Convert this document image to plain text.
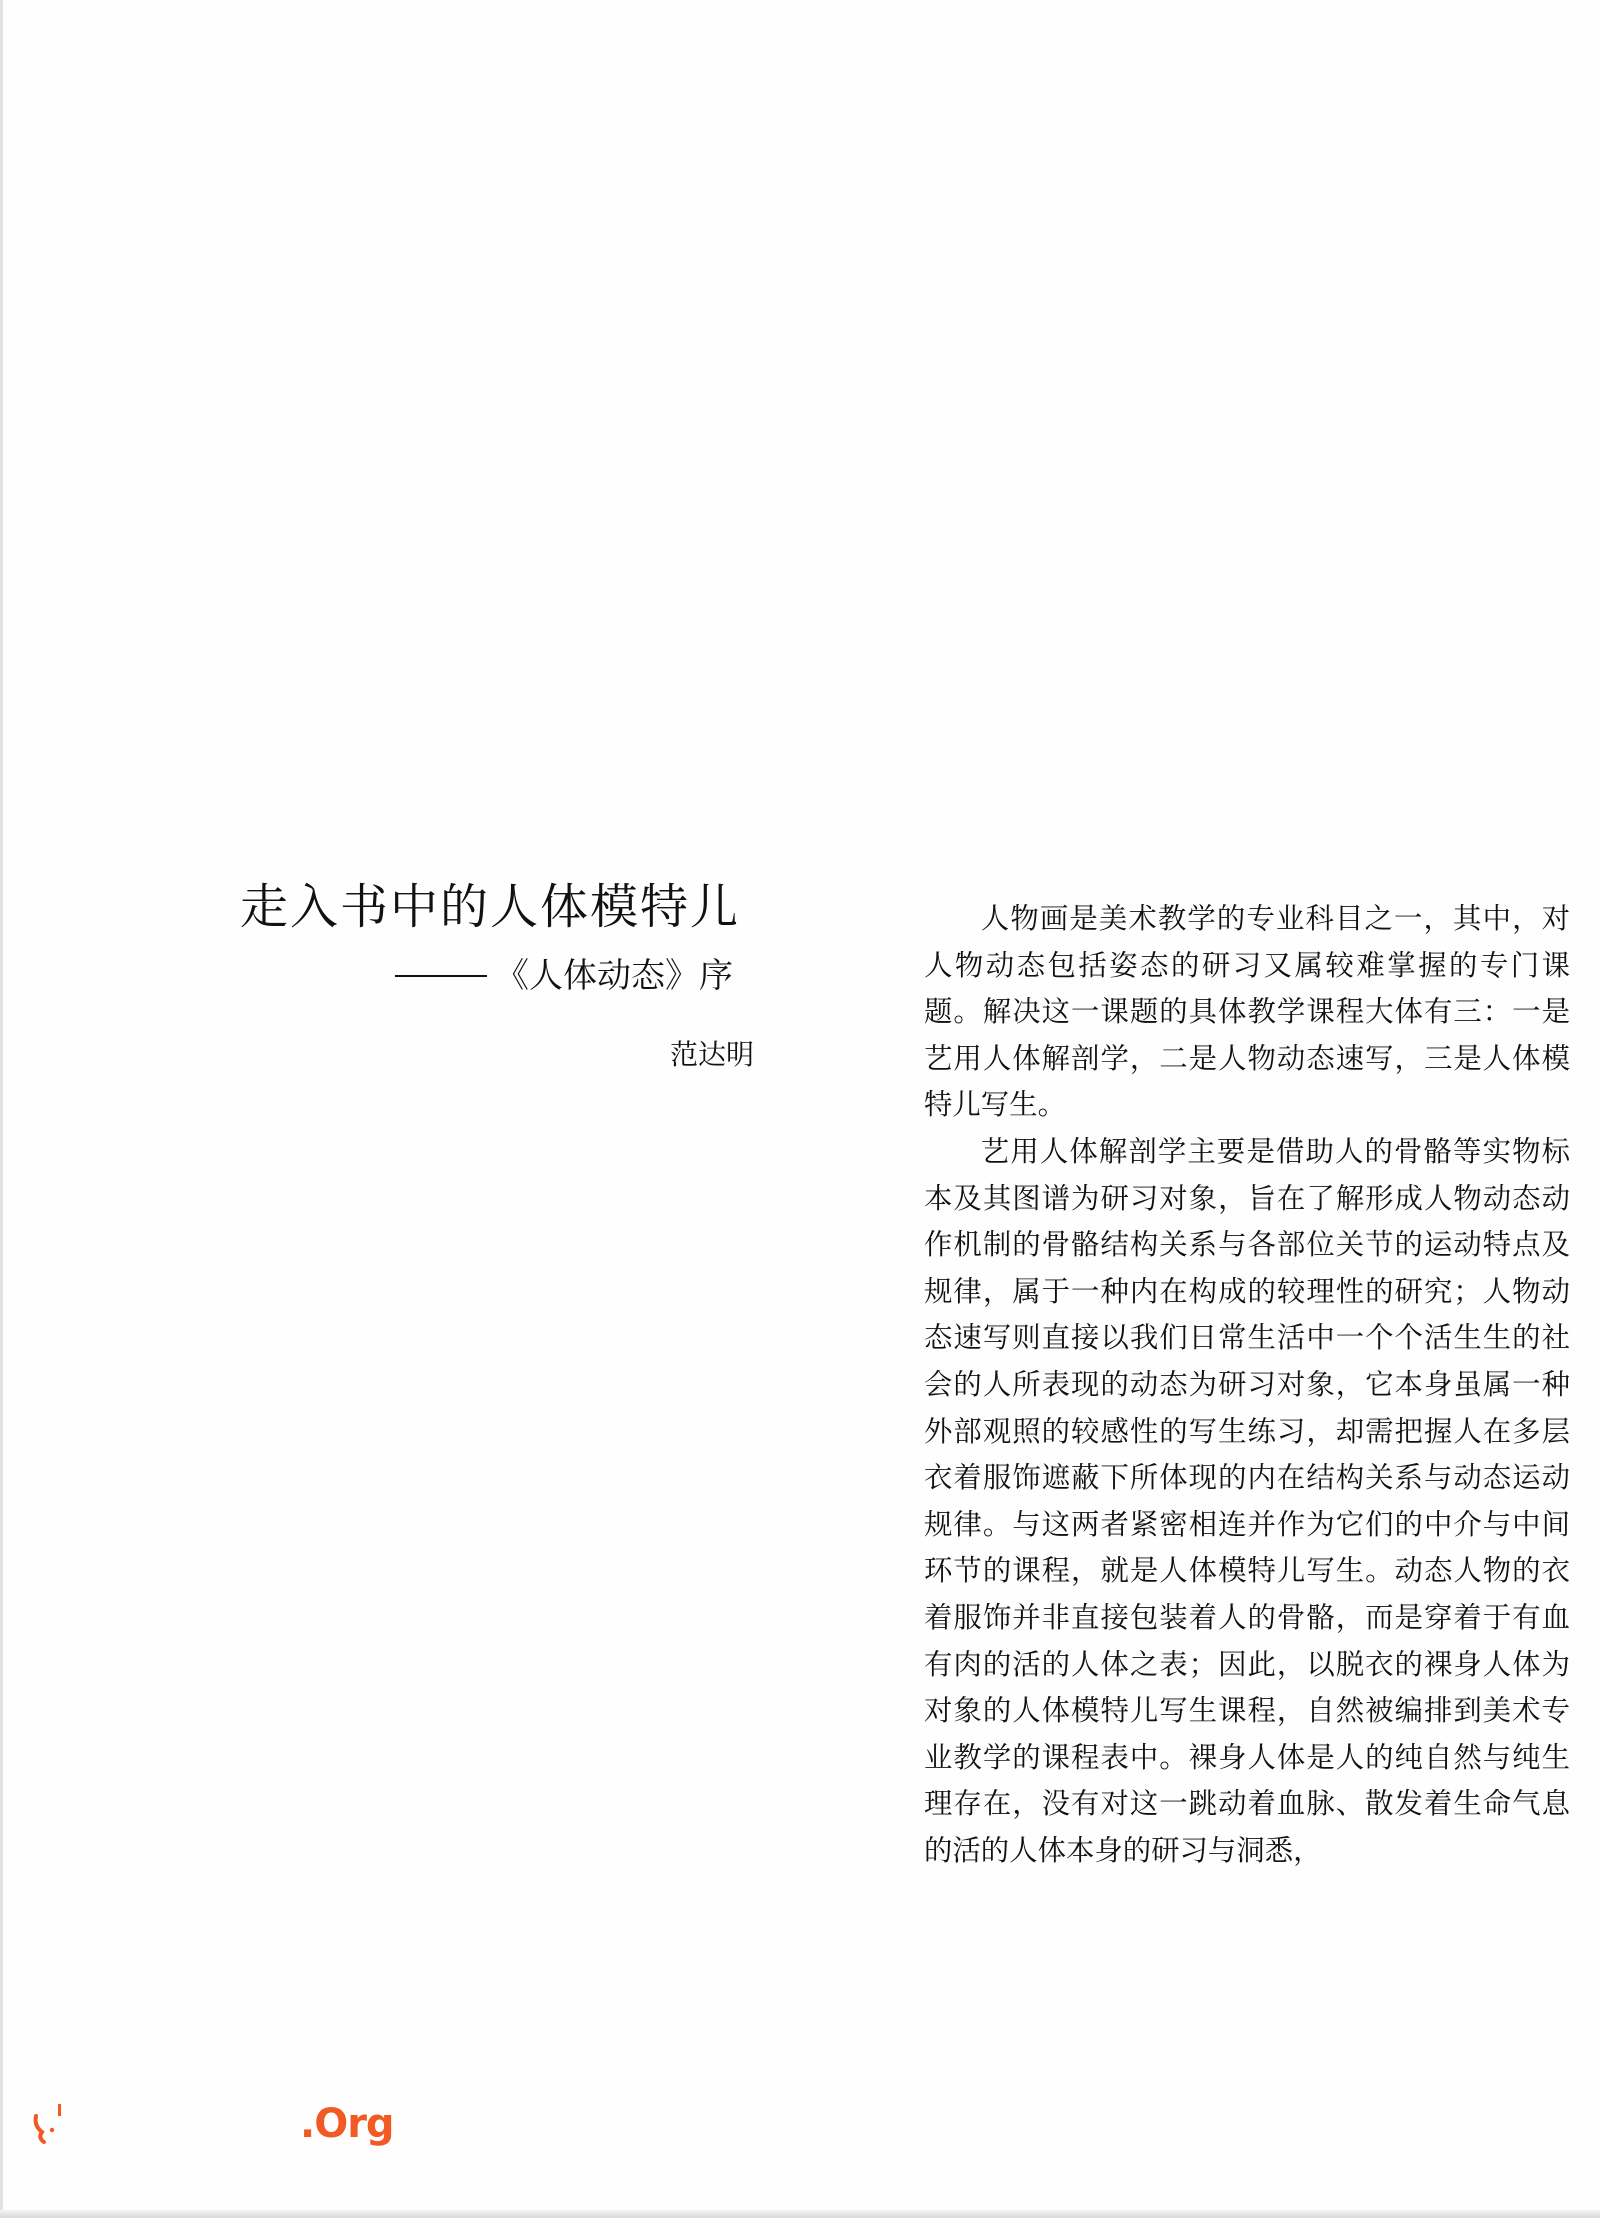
走入书中的人体模特儿
《人体动态》序
范达明

人物画是美术教学的专业科目之一，其中，对人物动态包括姿态的研习又属较难掌握的专门课题。解决这一课题的具体教学课程大体有三：一是艺用人体解剖学，二是人物动态速写，三是人体模特儿写生。

艺用人体解剖学主要是借助人的骨骼等实物标本及其图谱为研习对象，旨在了解形成人物动态动作机制的骨骼结构关系与各部位关节的运动特点及规律，属于一种内在构成的较理性的研究；人物动态速写则直接以我们日常生活中一个个活生生的社会的人所表现的动态为研习对象，它本身虽属一种外部观照的较感性的写生练习，却需把握人在多层衣着服饰遮蔽下所体现的内在结构关系与动态运动规律。与这两者紧密相连并作为它们的中介与中间环节的课程，就是人体模特儿写生。动态人物的衣着服饰并非直接包装着人的骨骼，而是穿着于有血有肉的活的人体之表；因此，以脱衣的裸身人体为对象的人体模特儿写生课程，自然被编排到美术专业教学的课程表中。裸身人体是人的纯自然与纯生理存在，没有对这一跳动着血脉、散发着生命气息的活的人体本身的研习与洞悉，

.Org
